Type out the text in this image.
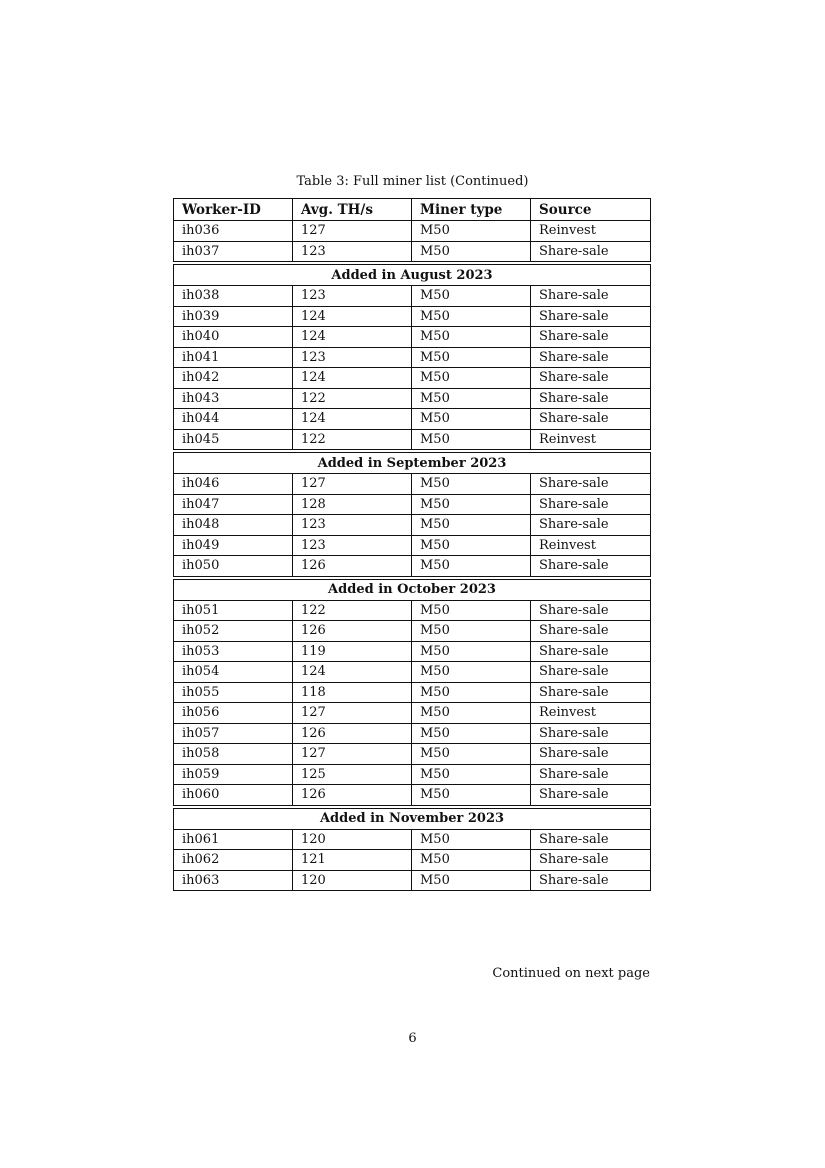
Table 3: Full miner list (Continued)
Worker-ID	Avg. TH/s	Miner type	Source
ih036	127	M50	Reinvest
ih037	123	M50	Share-sale

Added in August 2023			
ih038	123	M50	Share-sale
ih039	124	M50	Share-sale
ih040	124	M50	Share-sale
ih041	123	M50	Share-sale
ih042	124	M50	Share-sale
ih043	122	M50	Share-sale
ih044	124	M50	Share-sale
ih045	122	M50	Reinvest

Added in September 2023			
ih046	127	M50	Share-sale
ih047	128	M50	Share-sale
ih048	123	M50	Share-sale
ih049	123	M50	Reinvest
ih050	126	M50	Share-sale

Added in October 2023			
ih051	122	M50	Share-sale
ih052	126	M50	Share-sale
ih053	119	M50	Share-sale
ih054	124	M50	Share-sale
ih055	118	M50	Share-sale
ih056	127	M50	Reinvest
ih057	126	M50	Share-sale
ih058	127	M50	Share-sale
ih059	125	M50	Share-sale
ih060	126	M50	Share-sale

Added in November 2023			
ih061	120	M50	Share-sale
ih062	121	M50	Share-sale
ih063	120	M50	Share-sale
Continued on next page
6
